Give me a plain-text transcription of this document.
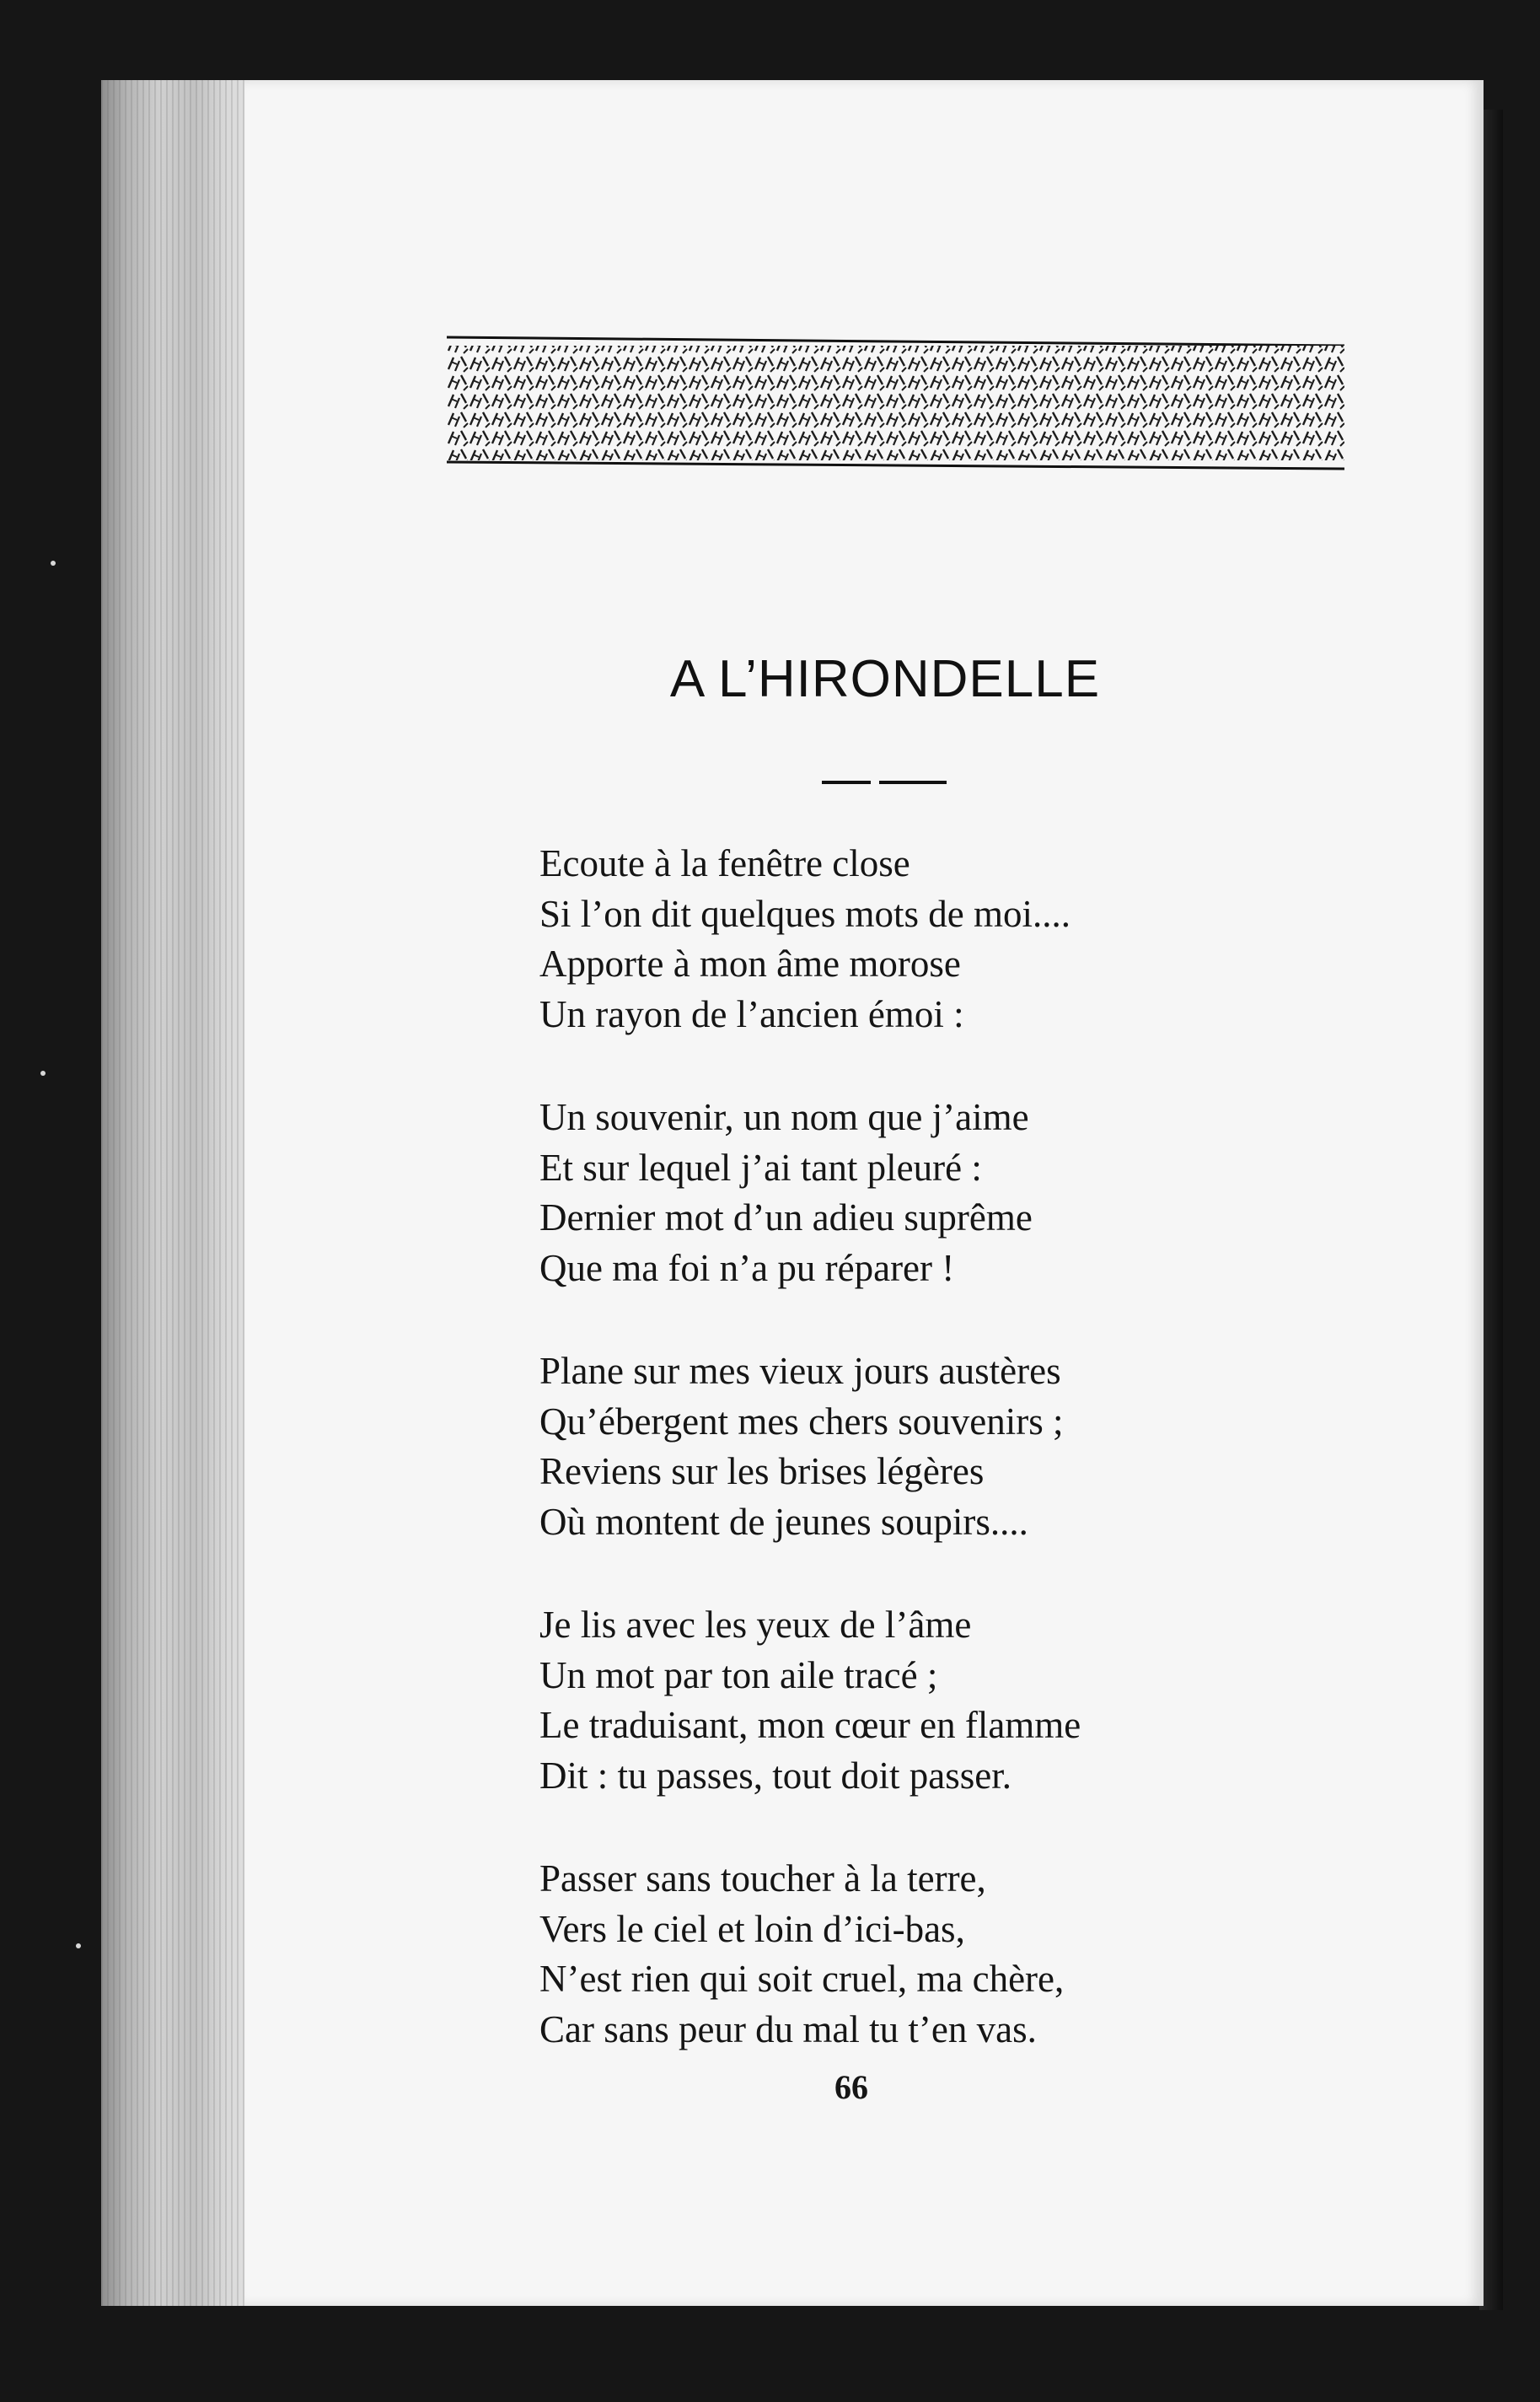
A L’HIRONDELLE
Ecoute à la fenêtre close
Si l’on dit quelques mots de moi....
Apporte à mon âme morose
Un rayon de l’ancien émoi :
Un souvenir, un nom que j’aime
Et sur lequel j’ai tant pleuré :
Dernier mot d’un adieu suprême
Que ma foi n’a pu réparer !
Plane sur mes vieux jours austères
Qu’ébergent mes chers souvenirs ;
Reviens sur les brises légères
Où montent de jeunes soupirs....
Je lis avec les yeux de l’âme
Un mot par ton aile tracé ;
Le traduisant, mon cœur en flamme
Dit : tu passes, tout doit passer.
Passer sans toucher à la terre,
Vers le ciel et loin d’ici-bas,
N’est rien qui soit cruel, ma chère,
Car sans peur du mal tu t’en vas.
66
